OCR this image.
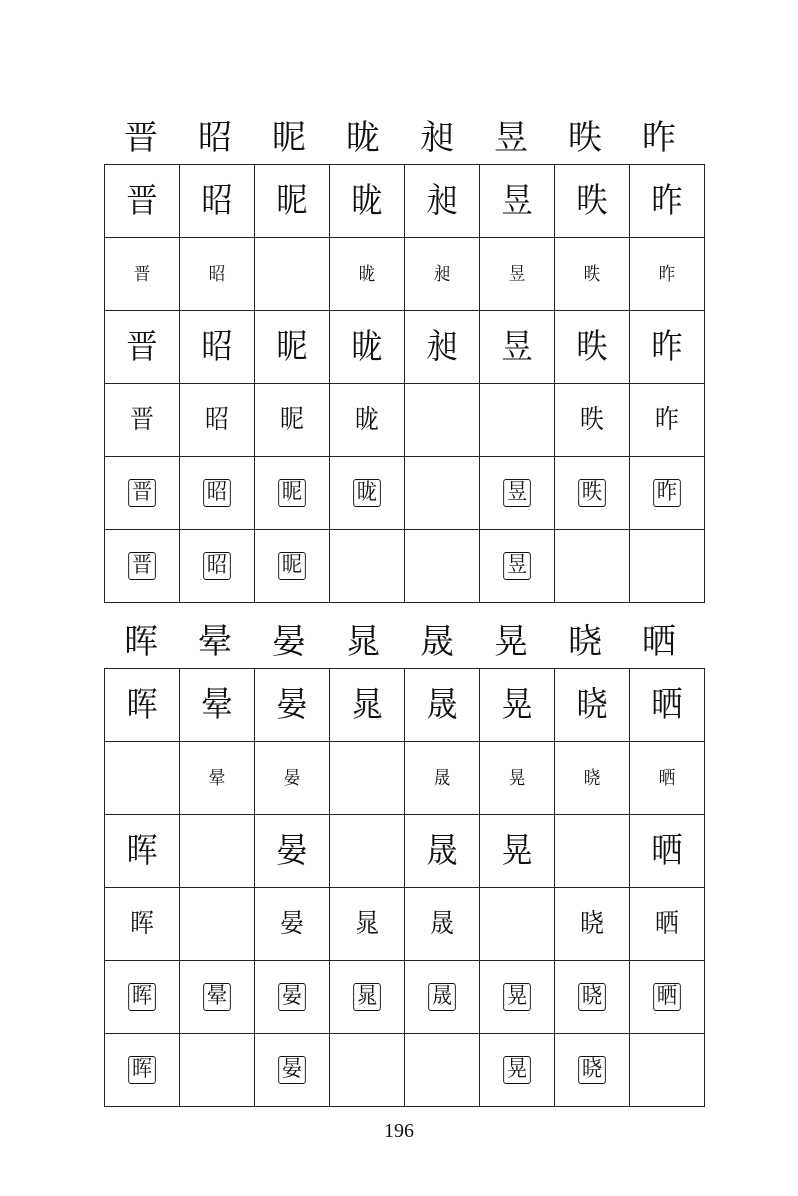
晋	昭	昵	昽	昶	昱	昳	昨
晋	昭	昵	昽	昶	昱	昳	昨
晋	昭		昽	昶	昱	昳	昨
晋	昭	昵	昽	昶	昱	昳	昨
晋	昭	昵	昽			昳	昨
晋	昭	昵	昽		昱	昳	昨
晋	昭	昵			昱		
晖	晕	晏	晁	晟	晃	晓	晒
晖	晕	晏	晁	晟	晃	晓	晒
	晕	晏		晟	晃	晓	晒
晖		晏		晟	晃		晒
晖		晏	晁	晟		晓	晒
晖	晕	晏	晁	晟	晃	晓	晒
晖		晏			晃	晓	
196
